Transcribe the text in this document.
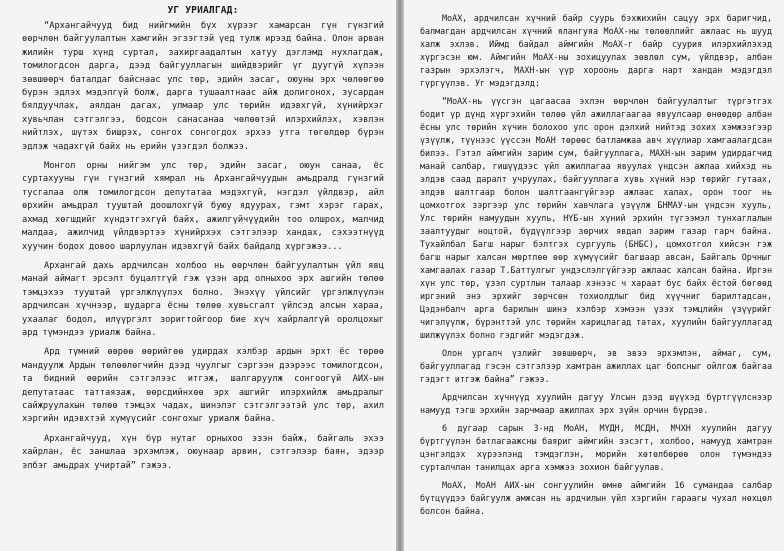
УГ УРИАЛГАД:

“Архангайчууд бид нийгмийн бүх хүрээг хамарсан гүн гүнзгий өөрчлөн байгуулалтын хамгийн эгзэгтэй үед тулж ирээд байна. Олон арван жилийн турш хүнд суртал, захиргаадалтын хатуу дэглэмд нухлагдаж, томилогдсон дарга, дээд байгууллагын шийдвэрийг үг дуугүй хүлээн зөвшөөрч баталдаг байснаас улс төр, эдийн засаг, оюуны эрх чөлөөгөө бүрэн эдлэх мэдэлгүй болж, дарга тушаалтнаас айж долигонох, зусардан бялдуучлах, аялдан дагах, улмаар улс төрийн идэвхгүй, хүнийрхэг хувьчлан сэтгэлгээ, бодсон санасанаа чөлөөтэй илэрхийлэх, хэвлэн нийтлэх, шүтэх бишрэх, сонгох сонгогдох эрхээ утга төгөлдөр бүрэн эдлэж чадахгүй байх нь ерийн үзэгдэл болжээ.

Монгол орны нийгэм улс төр, эдийн засаг, оюун санаа, ёс суртахууны гүн гүнзгий хямрал нь Архангайчуудын амьдралд гүнзгий тусгалаа олж томилогдсон депутатаа мэдэхгүй, нэгдэл үйлдвэр, айл өрхийн амьдрал тууштай доошлохгүй буюу ядуурах, гэмт хэрэг гарах, ахмад хөгшдийг хүндэтгэхгүй байх, ажилгүйчүүдийн тоо олшрох, малчид малдаа, ажилчид үйлдвэртээ хүнийрхэх сэтгэлээр хандах, сэхээтнүүд хуучин бодох довоо шарлуулан идэвхгүй байх байдалд хүргэжээ...

Архангай дахь ардчилсан холбоо нь өөрчлөн байгуулалтын үйл явц манай аймагт эрсэлт буцалтгүй гэж үзэн ард олныхоо эрх ашгийн төлөө тэмцэхээ тууштай үргэлжлүүлэх болно. Энэхүү үйлсийг үргэлжлүүлэн ардчилсан хүчнээр, шударга ёсны төлөө хувьсгалт үйлсэд алсын хараа, ухаалаг бодол, илүүргэлт зоригтойгоор бие хүч хайрлалгүй оролцохыг ард түмэндээ уриалж байна.

Ард түмний өөрөө өөрийгөө удирдах хэлбэр ардын эрхт ёс төрөө мандуулж Ардын төлөөлөгчийн дээд чуулгыг сэргээн дээрээс томилогдсон, та бидний өөрийн сэтгэлээс итгэж, шалгаруулж сонгоогүй АИХ-ын депутатаас таттаязаж, өөрсдийнхөө эрх ашгийг илэрхийлж амьдралыг сайжруулахын төлөө тэмцэх чадах, шинэлэг сэтгэлгээтэй улс төр, ахил хэргийн идэвхтэй хүмүүсийг сонгохыг уриалж байна.

Архангайчууд, хүн бүр нутаг орныхоо эзэн байж, байгаль эхээ хайрлан, ёс заншлаа эрхэмлэж, оюунаар арвин, сэтгэлээр баян, эдээр элбэг амьдрах учиртай” гэжээ.

МоАХ, ардчилсан хүчний байр суурь бэхжихийн сацуу эрх баригчид, балмагдан ардчилсан хүчний ялангуяа МоАХ-ны төлөөллийг ажлаас нь шууд халж эхлэв. Иймд байдал аймгийн МоАХ-г байр суурия илэрхийлэхэд хүргэсэн юм. Аймгийн МоАХ-ны зохицуулах зөвлөл сум, үйлдвэр, албан газрын эрхэлэгч, МАХН-ын үүр хороонь дарга нарт хандан мэдэгдэл гүргүүлэв. Уг мэдэгдэлд:

“МоАХ-нь үүсгэн цагаасаа эхлэн өөрчлөн байгуулалтыг түргэтгэх бодит үр дүнд хүргэхийн төлөө үйл ажиллагаагаа явуулсаар өнөөдөр албан ёсны улс төрийн хүчин болохоо улс орон дэлхий нийтэд зохих хэмжээгээр үзүүлж, түүнээс үүссэн МоАН төрөөс батламжаа авч хүүлиар хамгаалагдсан билээ. Гэтэл аймгийн зарим сум, байгууллага, МАХН-ын зарим удирдагчид манай салбар, гишүүдээс үйл ажиллагаа явуулах үндсэн ажлаа хийхэд нь элдэв саад даралт учруулах, байгууллага хувь хүний нэр төрийг гутаах, элдэв шалтгаар болон шалтгаангүйгээр ажлаас халах, орон тоог нь цомхотгох зэргээр улс төрийн хавчлага үзүүлж БНМАУ-ын үндсэн хууль, Улс төрийн намуудын хууль, НҮБ-ын хүний эрхийн түгээмэл тунхаглалын заалтуудыг ноцтой, бүдүүлгээр зөрчих явдал зарим газар гарч байна. Тухайлбал Багш нарыг бэлтгэх сургууль (БНБС), цомхотгол хийсэн гэж багш нарыг халсан мөртлөө өөр хүмүүсийг багшаар авсан, Байгаль Орчныг хамгаалах газар Т.Баттулгыг ундэслэлгүйгээр ажлаас халсан байна. Иргэн хүн улс төр, үзэл суртлын талаар хэнээс ч хараат бус байх ёстой бөгөөд иргэний энэ эрхийг зөрчсөн тохиолдлыг бид хүүчниг барилтадсан, Цэдэнбалч арга барилын шинэ хэлбэр хэмээн үзэх тэмцлийн үзүүрийг чигэлүүлж, бүрэнттэй улс төрийн харицлагад татах, хуулийн байгууллагад шилжүүлэх болно гэдгийг мэдэгдэж.

Олон ургалч үзлийг зөвшөөрч, эв эвээ эрхэмлэн, аймаг, сум, байгууллагад гэсэн сэтгэлээр хамтран ажиллах цаг болсныг ойлгож байгаа гэдэгт итгэж байна” гэжээ.

Ардчилсан хүчнүүд хуулийн дагуу Улсын дээд шүүхэд бүртгүүлснээр намууд тэгш эрхийн зарчмаар ажиллах эрх зүйн орчин бүрдэв.

6 дугаар сарын 3-нд МоАН, МҮДН, МСДН, МЧХН хуулийн дагуу бүртгүүлэн батлагаажсны баяриг аймгийн зэсэгт, холбоо, намууд хамтран цэнгэлдэх хүрээлэнд тэмдэглэн, морийн хөтөлбөрөө олон түмэндээ сурталчлан танилцах арга хэмжээ зохион байгуулав.

МоАХ, МоАН АИХ-ын сонгуулийн өмнө аймгийн 16 сумандаа салбар бүтцүүдээ байгуулж амжсан нь ардчилын үйл хэргийн гараагы чухал нөхцөл болсон байна.
